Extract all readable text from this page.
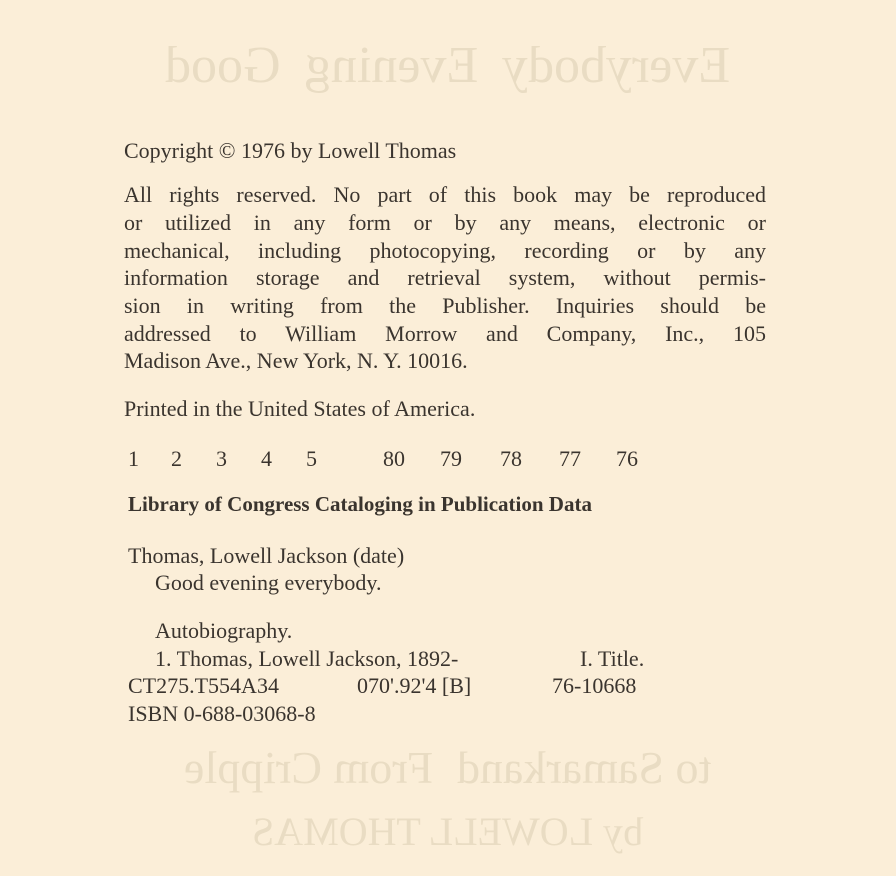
Good Evening Everybody
From Cripple to Samarkand
by LOWELL THOMAS
Copyright © 1976 by Lowell Thomas
All rights reserved. No part of this book may be reproduced
or utilized in any form or by any means, electronic or
mechanical, including photocopying, recording or by any
information storage and retrieval system, without permis-
sion in writing from the Publisher. Inquiries should be
addressed to William Morrow and Company, Inc., 105
Madison Ave., New York, N. Y. 10016.
Printed in the United States of America.
1 2 3 4 5	80 79 78 77 76
Library of Congress Cataloging in Publication Data
Thomas, Lowell Jackson (date)
Good evening everybody.
Autobiography.
1. Thomas, Lowell Jackson, 1892-	I. Title.
CT275.T554A34	070'.92'4 [B]	76-10668
ISBN 0-688-03068-8
